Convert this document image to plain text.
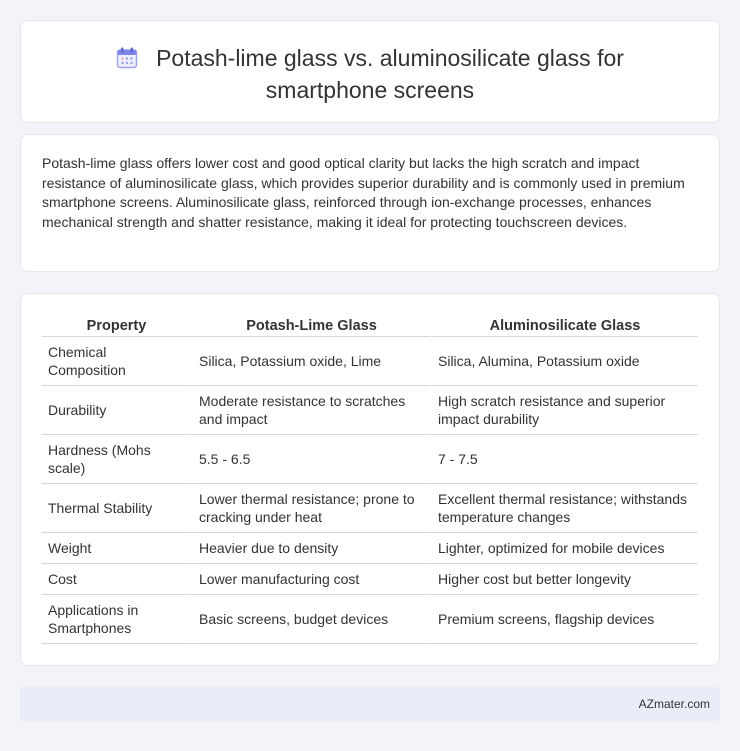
Potash-lime glass vs. aluminosilicate glass for
smartphone screens

Potash-lime glass offers lower cost and good optical clarity but lacks the high scratch and impact resistance of aluminosilicate glass, which provides superior durability and is commonly used in premium smartphone screens. Aluminosilicate glass, reinforced through ion-exchange processes, enhances mechanical strength and shatter resistance, making it ideal for protecting touchscreen devices.

Property	Potash-Lime Glass	Aluminosilicate Glass
Chemical Composition	Silica, Potassium oxide, Lime	Silica, Alumina, Potassium oxide
Durability	Moderate resistance to scratches and impact	High scratch resistance and superior impact durability
Hardness (Mohs scale)	5.5 - 6.5	7 - 7.5
Thermal Stability	Lower thermal resistance; prone to cracking under heat	Excellent thermal resistance; withstands temperature changes
Weight	Heavier due to density	Lighter, optimized for mobile devices
Cost	Lower manufacturing cost	Higher cost but better longevity
Applications in Smartphones	Basic screens, budget devices	Premium screens, flagship devices
AZmater.com
